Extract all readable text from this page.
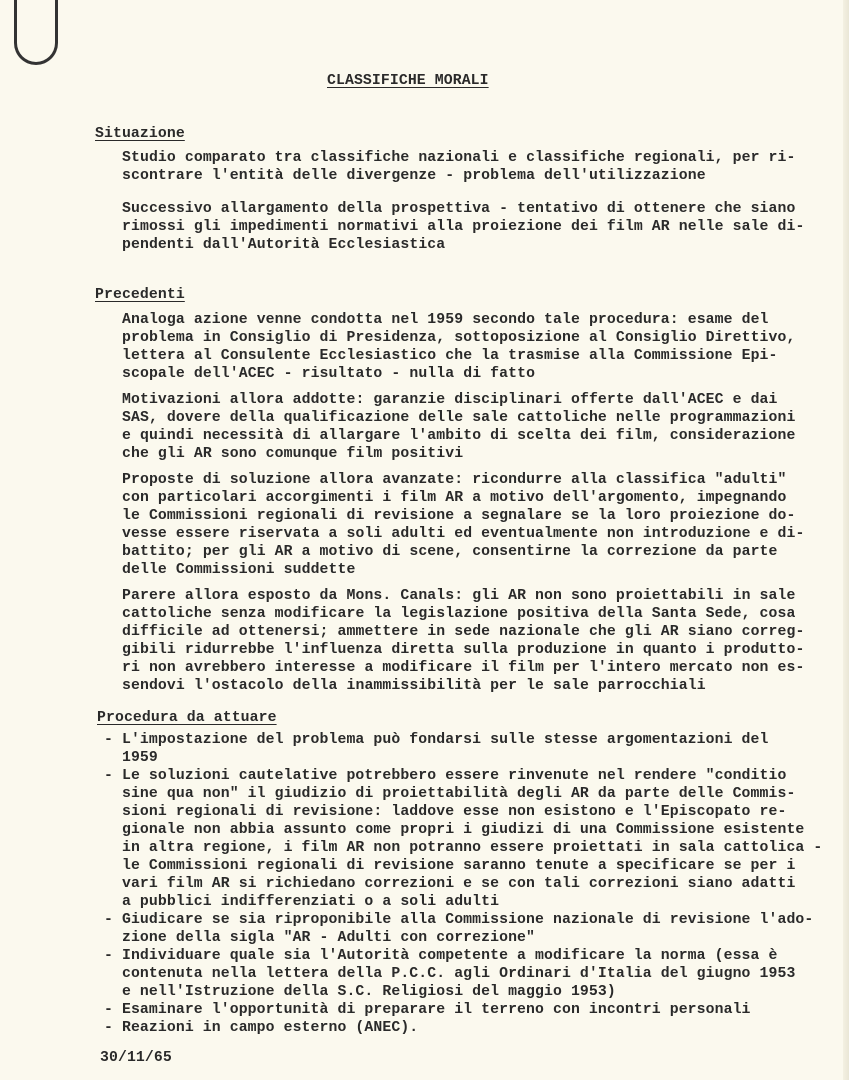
CLASSIFICHE MORALI
Situazione
Studio comparato tra classifiche nazionali e classifiche regionali, per ri-
scontrare l'entità delle divergenze - problema dell'utilizzazione
Successivo allargamento della prospettiva - tentativo di ottenere che siano
rimossi gli impedimenti normativi alla proiezione dei film AR nelle sale di-
pendenti dall'Autorità Ecclesiastica
Precedenti
Analoga azione venne condotta nel 1959 secondo tale procedura: esame del
problema in Consiglio di Presidenza, sottoposizione al Consiglio Direttivo,
lettera al Consulente Ecclesiastico che la trasmise alla Commissione Epi-
scopale dell'ACEC - risultato - nulla di fatto
Motivazioni allora addotte: garanzie disciplinari offerte dall'ACEC e dai
SAS, dovere della qualificazione delle sale cattoliche nelle programmazioni
e quindi necessità di allargare l'ambito di scelta dei film, considerazione
che gli AR sono comunque film positivi
Proposte di soluzione allora avanzate: ricondurre alla classifica "adulti"
con particolari accorgimenti i film AR a motivo dell'argomento, impegnando
le Commissioni regionali di revisione a segnalare se la loro proiezione do-
vesse essere riservata a soli adulti ed eventualmente non introduzione e di-
battito; per gli AR a motivo di scene, consentirne la correzione da parte
delle Commissioni suddette
Parere allora esposto da Mons. Canals: gli AR non sono proiettabili in sale
cattoliche senza modificare la legislazione positiva della Santa Sede, cosa
difficile ad ottenersi; ammettere in sede nazionale che gli AR siano correg-
gibili ridurrebbe l'influenza diretta sulla produzione in quanto i produtto-
ri non avrebbero interesse a modificare il film per l'intero mercato non es-
sendovi l'ostacolo della inammissibilità per le sale parrocchiali
Procedura da attuare
- L'impostazione del problema può fondarsi sulle stesse argomentazioni del
1959
- Le soluzioni cautelative potrebbero essere rinvenute nel rendere "conditio
sine qua non" il giudizio di proiettabilità degli AR da parte delle Commis-
sioni regionali di revisione: laddove esse non esistono e l'Episcopato re-
gionale non abbia assunto come propri i giudizi di una Commissione esistente
in altra regione, i film AR non potranno essere proiettati in sala cattolica -
le Commissioni regionali di revisione saranno tenute a specificare se per i
vari film AR si richiedano correzioni e se con tali correzioni siano adatti
a pubblici indifferenziati o a soli adulti
- Giudicare se sia riproponibile alla Commissione nazionale di revisione l'ado-
zione della sigla "AR - Adulti con correzione"
- Individuare quale sia l'Autorità competente a modificare la norma (essa è
contenuta nella lettera della P.C.C. agli Ordinari d'Italia del giugno 1953
e nell'Istruzione della S.C. Religiosi del maggio 1953)
- Esaminare l'opportunità di preparare il terreno con incontri personali
- Reazioni in campo esterno (ANEC).
30/11/65
